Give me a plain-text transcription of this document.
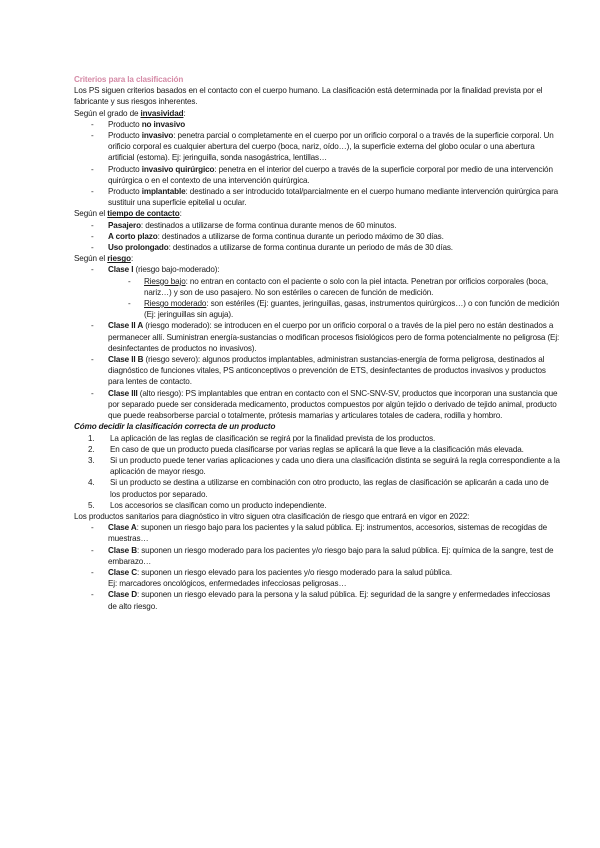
Criterios para la clasificación

Los PS siguen criterios basados en el contacto con el cuerpo humano. La clasificación está determinada por la finalidad prevista por el fabricante y sus riesgos inherentes.

Según el grado de invasividad:

-	Producto no invasivo
-	Producto invasivo: penetra parcial o completamente en el cuerpo por un orificio corporal o a través de la superficie corporal. Un orificio corporal es cualquier abertura del cuerpo (boca, nariz, oído…), la superficie externa del globo ocular o una abertura artificial (estoma). Ej: jeringuilla, sonda nasogástrica, lentillas…
-	Producto invasivo quirúrgico: penetra en el interior del cuerpo a través de la superficie corporal por medio de una intervención quirúrgica o en el contexto de una intervención quirúrgica.
-	Producto implantable: destinado a ser introducido total/parcialmente en el cuerpo humano mediante intervención quirúrgica para sustituir una superficie epitelial u ocular.

Según el tiempo de contacto:

-	Pasajero: destinados a utilizarse de forma continua durante menos de 60 minutos.
-	A corto plazo: destinados a utilizarse de forma continua durante un periodo máximo de 30 días.
-	Uso prolongado: destinados a utilizarse de forma continua durante un periodo de más de 30 días.

Según el riesgo:

-	Clase I (riesgo bajo-moderado):
-	Riesgo bajo: no entran en contacto con el paciente o solo con la piel intacta. Penetran por orificios corporales (boca, nariz…) y son de uso pasajero. No son estériles o carecen de función de medición.
-	Riesgo moderado: son estériles (Ej: guantes, jeringuillas, gasas, instrumentos quirúrgicos…) o con función de medición (Ej: jeringuillas sin aguja).
-	Clase II A (riesgo moderado): se introducen en el cuerpo por un orificio corporal o a través de la piel pero no están destinados a permanecer allí. Suministran energía-sustancias o modifican procesos fisiológicos pero de forma potencialmente no peligrosa (Ej: desinfectantes de productos no invasivos).
-	Clase II B (riesgo severo): algunos productos implantables, administran sustancias-energía de forma peligrosa, destinados al diagnóstico de funciones vitales, PS anticonceptivos o prevención de ETS, desinfectantes de productos invasivos y productos para lentes de contacto.
-	Clase III (alto riesgo): PS implantables que entran en contacto con el SNC-SNV-SV, productos que incorporan una sustancia que por separado puede ser considerada medicamento, productos compuestos por algún tejido o derivado de tejido animal, producto que puede reabsorberse parcial o totalmente, prótesis mamarias y articulares totales de cadera, rodilla y hombro.

Cómo decidir la clasificación correcta de un producto

1.	La aplicación de las reglas de clasificación se regirá por la finalidad prevista de los productos.
2.	En caso de que un producto pueda clasificarse por varias reglas se aplicará la que lleve a la clasificación más elevada.
3.	Si un producto puede tener varias aplicaciones y cada uno diera una clasificación distinta se seguirá la regla correspondiente a la aplicación de mayor riesgo.
4.	Si un producto se destina a utilizarse en combinación con otro producto, las reglas de clasificación se aplicarán a cada uno de los productos por separado.
5.	Los accesorios se clasifican como un producto independiente.

Los productos sanitarios para diagnóstico in vitro siguen otra clasificación de riesgo que entrará en vigor en 2022:

-	Clase A: suponen un riesgo bajo para los pacientes y la salud pública. Ej: instrumentos, accesorios, sistemas de recogidas de muestras…
-	Clase B: suponen un riesgo moderado para los pacientes y/o riesgo bajo para la salud pública. Ej: química de la sangre, test de embarazo…
-	Clase C: suponen un riesgo elevado para los pacientes y/o riesgo moderado para la salud pública.
Ej: marcadores oncológicos, enfermedades infecciosas peligrosas…
-	Clase D: suponen un riesgo elevado para la persona y la salud pública. Ej: seguridad de la sangre y enfermedades infecciosas de alto riesgo.
